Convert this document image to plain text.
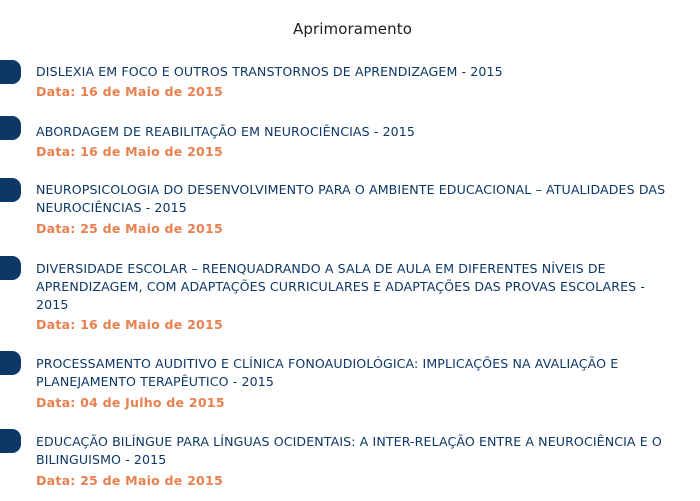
Aprimoramento
DISLEXIA EM FOCO E OUTROS TRANSTORNOS DE APRENDIZAGEM - 2015
Data: 16 de Maio de 2015
ABORDAGEM DE REABILITAÇÃO EM NEUROCIÊNCIAS - 2015
Data: 16 de Maio de 2015
NEUROPSICOLOGIA DO DESENVOLVIMENTO PARA O AMBIENTE EDUCACIONAL – ATUALIDADES DAS NEUROCIÊNCIAS - 2015
Data: 25 de Maio de 2015
DIVERSIDADE ESCOLAR – REENQUADRANDO A SALA DE AULA EM DIFERENTES NÍVEIS DE APRENDIZAGEM, COM ADAPTAÇÕES CURRICULARES E ADAPTAÇÕES DAS PROVAS ESCOLARES - 2015
Data: 16 de Maio de 2015
PROCESSAMENTO AUDITIVO E CLÍNICA FONOAUDIOLÓGICA: IMPLICAÇÕES NA AVALIAÇÃO E PLANEJAMENTO TERAPÊUTICO - 2015
Data: 04 de Julho de 2015
EDUCAÇÃO BILÍNGUE PARA LÍNGUAS OCIDENTAIS: A INTER-RELAÇÃO ENTRE A NEUROCIÊNCIA E O BILINGUISMO - 2015
Data: 25 de Maio de 2015
